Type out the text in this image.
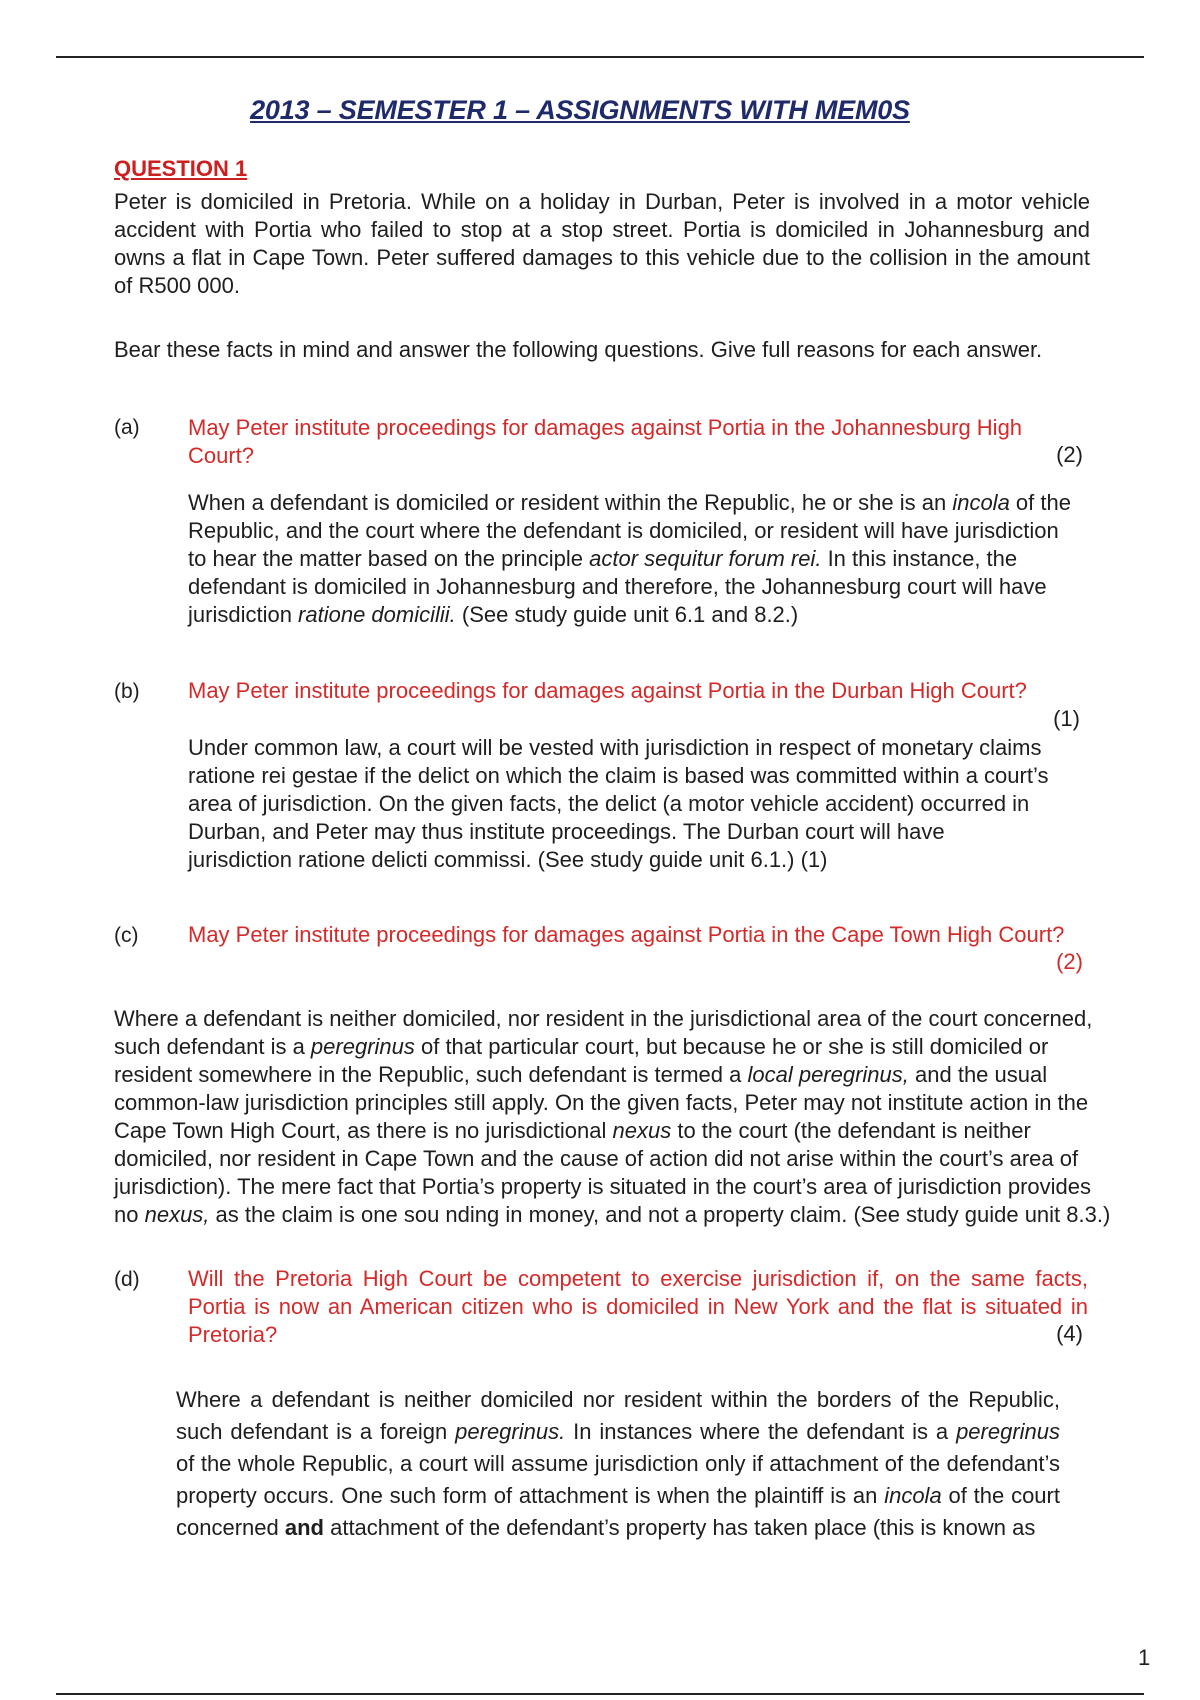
2013 – SEMESTER 1 – ASSIGNMENTS WITH MEM0S
QUESTION 1
Peter is domiciled in Pretoria. While on a holiday in Durban, Peter is involved in a motor vehicle accident with Portia who failed to stop at a stop street. Portia is domiciled in Johannesburg and owns a flat in Cape Town. Peter suffered damages to this vehicle due to the collision in the amount of R500 000.
Bear these facts in mind and answer the following questions. Give full reasons for each answer.
(a) May Peter institute proceedings for damages against Portia in the Johannesburg High Court?	(2)
When a defendant is domiciled or resident within the Republic, he or she is an incola of the Republic, and the court where the defendant is domiciled, or resident will have jurisdiction to hear the matter based on the principle actor sequitur forum rei. In this instance, the defendant is domiciled in Johannesburg and therefore, the Johannesburg court will have jurisdiction ratione domicilii. (See study guide unit 6.1 and 8.2.)
(b) May Peter institute proceedings for damages against Portia in the Durban High Court?
(1)
Under common law, a court will be vested with jurisdiction in respect of monetary claims ratione rei gestae if the delict on which the claim is based was committed within a court’s area of jurisdiction. On the given facts, the delict (a motor vehicle accident) occurred in Durban, and Peter may thus institute proceedings. The Durban court will have jurisdiction ratione delicti commissi. (See study guide unit 6.1.) (1)
(c) May Peter institute proceedings for damages against Portia in the Cape Town High Court?
(2)
Where a defendant is neither domiciled, nor resident in the jurisdictional area of the court concerned, such defendant is a peregrinus of that particular court, but because he or she is still domiciled or resident somewhere in the Republic, such defendant is termed a local peregrinus, and the usual common-law jurisdiction principles still apply. On the given facts, Peter may not institute action in the Cape Town High Court, as there is no jurisdictional nexus to the court (the defendant is neither domiciled, nor resident in Cape Town and the cause of action did not arise within the court’s area of jurisdiction). The mere fact that Portia’s property is situated in the court’s area of jurisdiction provides no nexus, as the claim is one sou nding in money, and not a property claim. (See study guide unit 8.3.)
(d) Will the Pretoria High Court be competent to exercise jurisdiction if, on the same facts, Portia is now an American citizen who is domiciled in New York and the flat is situated in Pretoria?	(4)
Where a defendant is neither domiciled nor resident within the borders of the Republic, such defendant is a foreign peregrinus. In instances where the defendant is a peregrinus of the whole Republic, a court will assume jurisdiction only if attachment of the defendant’s property occurs. One such form of attachment is when the plaintiff is an incola of the court concerned and attachment of the defendant’s property has taken place (this is known as
1
